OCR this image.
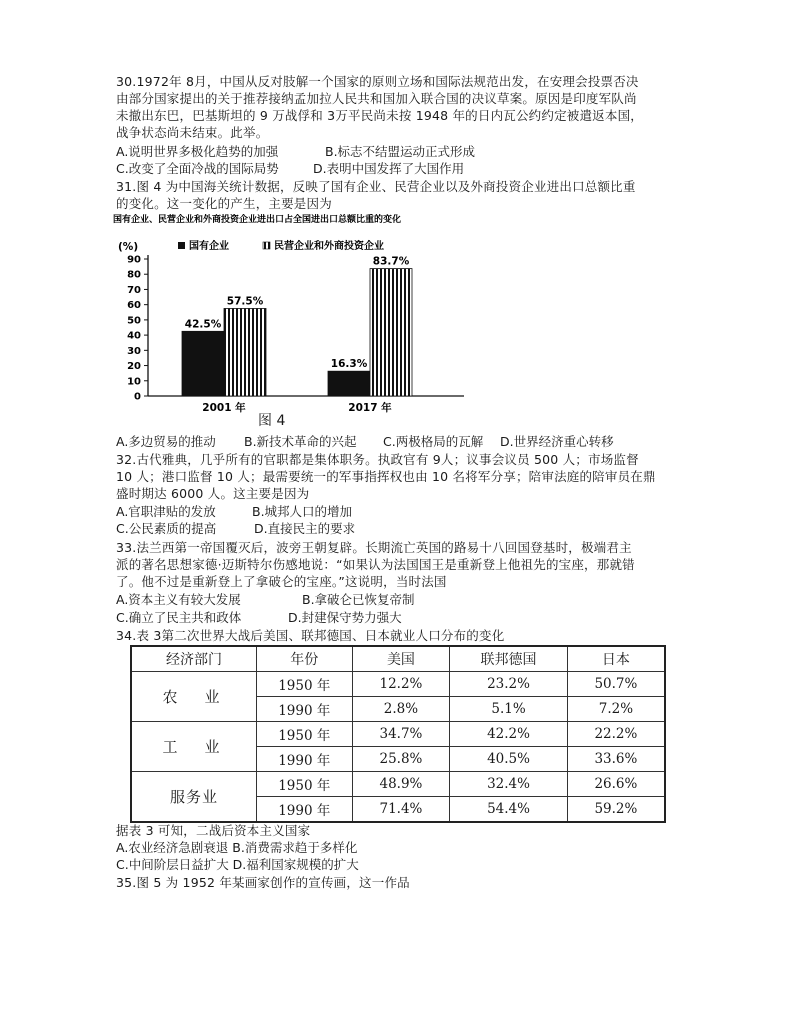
30.1972年 8月，中国从反对肢解一个国家的原则立场和国际法规范出发，在安理会投票否决
由部分国家提出的关于推荐接纳孟加拉人民共和国加入联合国的决议草案。原因是印度军队尚
未撤出东巴，巴基斯坦的 9 万战俘和 3万平民尚未按 1948 年的日内瓦公约约定被遣返本国，
战争状态尚未结束。此举。
A.说明世界多极化趋势的加强	B.标志不结盟运动正式形成
C.改变了全面冷战的国际局势	D.表明中国发挥了大国作用
31.图 4 为中国海关统计数据，反映了国有企业、民营企业以及外商投资企业进出口总额比重
的变化。这一变化的产生，主要是因为
国有企业、民营企业和外商投资企业进出口占全国进出口总额比重的变化
(%)	国有企业	民营企业和外商投资企业
0
10
20
30
40
50
60
70
80
90
42.5%
57.5%
16.3%
83.7%
2001 年	2017 年
图 4
A.多边贸易的推动 B.新技术革命的兴起 C.两极格局的瓦解 D.世界经济重心转移
32.古代雅典，几乎所有的官职都是集体职务。执政官有 9人；议事会议员 500 人；市场监督
10 人；港口监督 10 人；最需要统一的军事指挥权也由 10 名将军分享；陪审法庭的陪审员在鼎
盛时期达 6000 人。这主要是因为
A.官职津贴的发放	B.城邦人口的增加
C.公民素质的提高	D.直接民主的要求
33.法兰西第一帝国覆灭后，波旁王朝复辟。长期流亡英国的路易十八回国登基时，极端君主
派的著名思想家德·迈斯特尔伤感地说：“如果认为法国国王是重新登上他祖先的宝座，那就错
了。他不过是重新登上了拿破仑的宝座。”这说明，当时法国
A.资本主义有较大发展	B.拿破仑已恢复帝制
C.确立了民主共和政体	D.封建保守势力强大
34.表 3第二次世界大战后美国、联邦德国、日本就业人口分布的变化
经济部门	年份	美国	联邦德国	日本
农　业	1950 年	12.2%	23.2%	50.7%
	1990 年	2.8%	5.1%	7.2%
工　业	1950 年	34.7%	42.2%	22.2%
	1990 年	25.8%	40.5%	33.6%
服务业	1950 年	48.9%	32.4%	26.6%
	1990 年	71.4%	54.4%	59.2%
据表 3 可知，二战后资本主义国家
A.农业经济急剧衰退 B.消费需求趋于多样化
C.中间阶层日益扩大 D.福利国家规模的扩大
35.图 5 为 1952 年某画家创作的宣传画，这一作品
